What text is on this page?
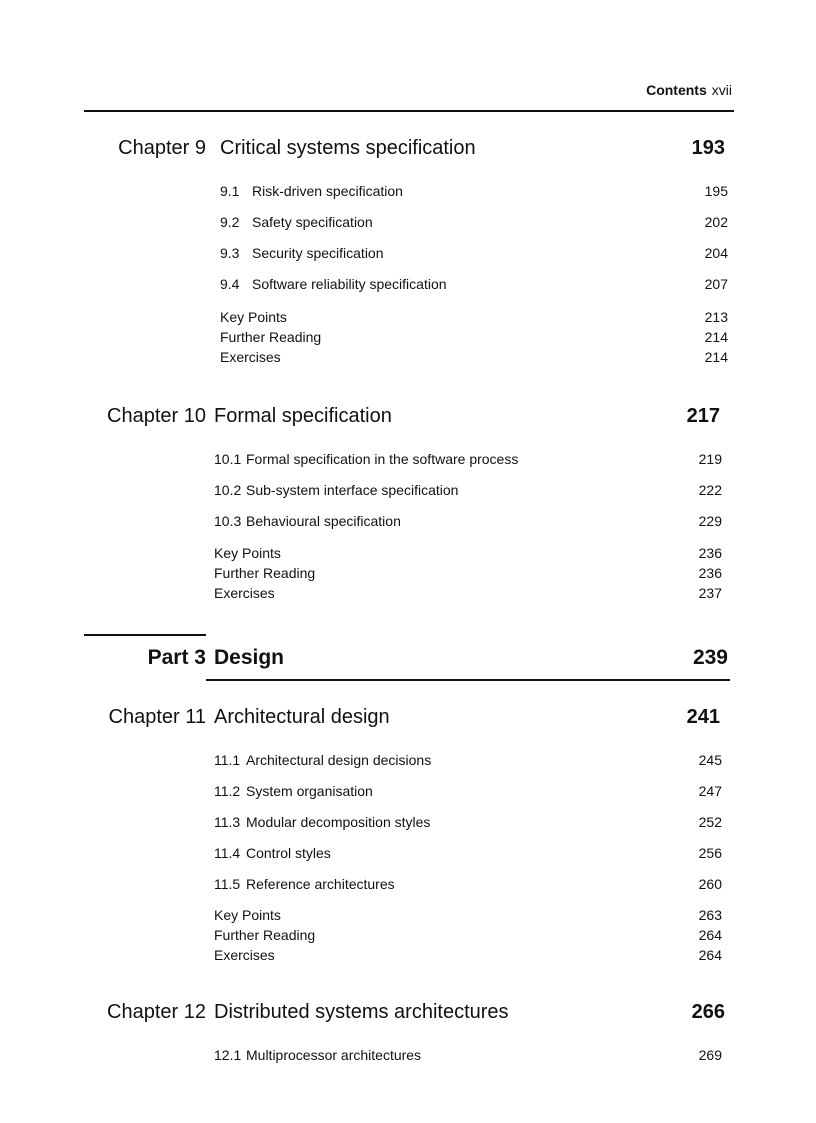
Contents xvii
Chapter 9 Critical systems specification	193
9.1 Risk-driven specification	195
9.2 Safety specification	202
9.3 Security specification	204
9.4 Software reliability specification	207
Key Points	213
Further Reading	214
Exercises	214
Chapter 10 Formal specification	217
10.1 Formal specification in the software process	219
10.2 Sub-system interface specification	222
10.3 Behavioural specification	229
Key Points	236
Further Reading	236
Exercises	237
Part 3 Design	239
Chapter 11 Architectural design	241
11.1 Architectural design decisions	245
11.2 System organisation	247
11.3 Modular decomposition styles	252
11.4 Control styles	256
11.5 Reference architectures	260
Key Points	263
Further Reading	264
Exercises	264
Chapter 12 Distributed systems architectures	266
12.1 Multiprocessor architectures	269
